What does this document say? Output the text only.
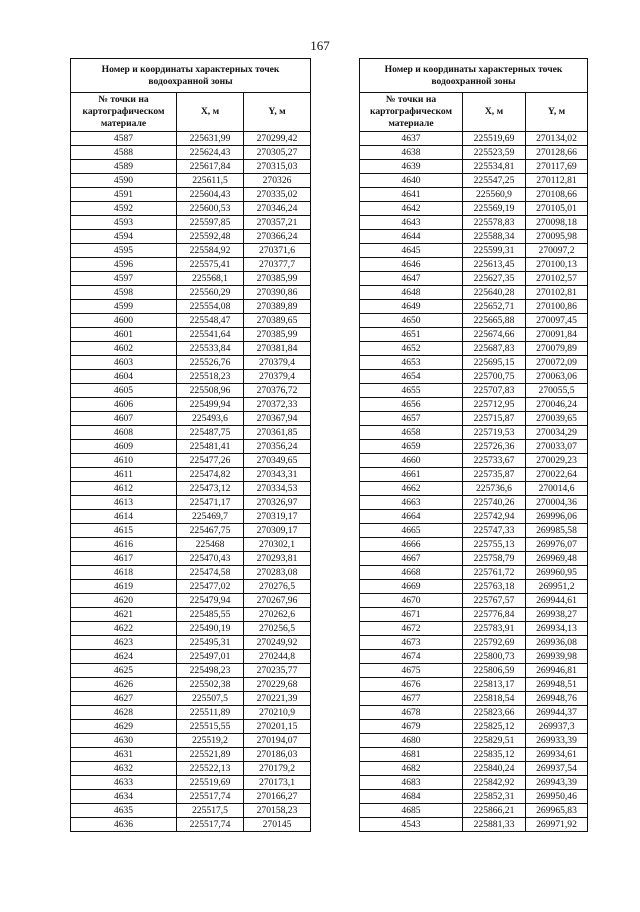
167
Номер и координаты характерных точек водоохранной зоны		
№ точки на картографическом материале	X, м	Y, м
4587	225631,99	270299,42
4588	225624,43	270305,27
4589	225617,84	270315,03
4590	225611,5	270326
4591	225604,43	270335,02
4592	225600,53	270346,24
4593	225597,85	270357,21
4594	225592,48	270366,24
4595	225584,92	270371,6
4596	225575,41	270377,7
4597	225568,1	270385,99
4598	225560,29	270390,86
4599	225554,08	270389,89
4600	225548,47	270389,65
4601	225541,64	270385,99
4602	225533,84	270381,84
4603	225526,76	270379,4
4604	225518,23	270379,4
4605	225508,96	270376,72
4606	225499,94	270372,33
4607	225493,6	270367,94
4608	225487,75	270361,85
4609	225481,41	270356,24
4610	225477,26	270349,65
4611	225474,82	270343,31
4612	225473,12	270334,53
4613	225471,17	270326,97
4614	225469,7	270319,17
4615	225467,75	270309,17
4616	225468	270302,1
4617	225470,43	270293,81
4618	225474,58	270283,08
4619	225477,02	270276,5
4620	225479,94	270267,96
4621	225485,55	270262,6
4622	225490,19	270256,5
4623	225495,31	270249,92
4624	225497,01	270244,8
4625	225498,23	270235,77
4626	225502,38	270229,68
4627	225507,5	270221,39
4628	225511,89	270210,9
4629	225515,55	270201,15
4630	225519,2	270194,07
4631	225521,89	270186,03
4632	225522,13	270179,2
4633	225519,69	270173,1
4634	225517,74	270166,27
4635	225517,5	270158,23
4636	225517,74	270145
Номер и координаты характерных точек водоохранной зоны		
№ точки на картографическом материале	X, м	Y, м
4637	225519,69	270134,02
4638	225523,59	270128,66
4639	225534,81	270117,69
4640	225547,25	270112,81
4641	225560,9	270108,66
4642	225569,19	270105,01
4643	225578,83	270098,18
4644	225588,34	270095,98
4645	225599,31	270097,2
4646	225613,45	270100,13
4647	225627,35	270102,57
4648	225640,28	270102,81
4649	225652,71	270100,86
4650	225665,88	270097,45
4651	225674,66	270091,84
4652	225687,83	270079,89
4653	225695,15	270072,09
4654	225700,75	270063,06
4655	225707,83	270055,5
4656	225712,95	270046,24
4657	225715,87	270039,65
4658	225719,53	270034,29
4659	225726,36	270033,07
4660	225733,67	270029,23
4661	225735,87	270022,64
4662	225736,6	270014,6
4663	225740,26	270004,36
4664	225742,94	269996,06
4665	225747,33	269985,58
4666	225755,13	269976,07
4667	225758,79	269969,48
4668	225761,72	269960,95
4669	225763,18	269951,2
4670	225767,57	269944,61
4671	225776,84	269938,27
4672	225783,91	269934,13
4673	225792,69	269936,08
4674	225800,73	269939,98
4675	225806,59	269946,81
4676	225813,17	269948,51
4677	225818,54	269948,76
4678	225823,66	269944,37
4679	225825,12	269937,3
4680	225829,51	269933,39
4681	225835,12	269934,61
4682	225840,24	269937,54
4683	225842,92	269943,39
4684	225852,31	269950,46
4685	225866,21	269965,83
4543	225881,33	269971,92
